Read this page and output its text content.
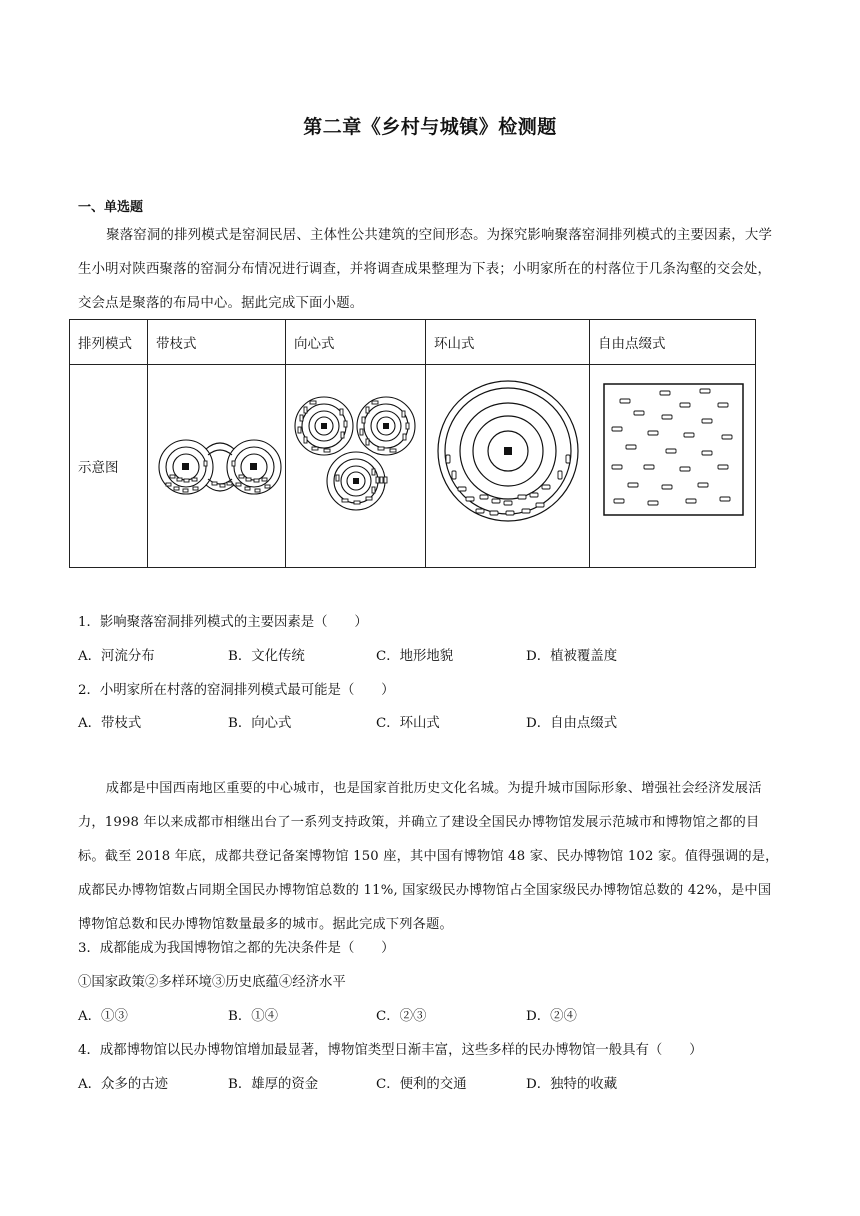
第二章《乡村与城镇》检测题
一、单选题
聚落窑洞的排列模式是窑洞民居、主体性公共建筑的空间形态。为探究影响聚落窑洞排列模式的主要因素，大学生小明对陕西聚落的窑洞分布情况进行调查，并将调查成果整理为下表；小明家所在的村落位于几条沟壑的交会处，交会点是聚落的布局中心。据此完成下面小题。
排列模式	带枝式	向心式	环山式	自由点缀式
示意图	

1．影响聚落窑洞排列模式的主要因素是（　　）
A．河流分布	B．文化传统	C．地形地貌	D．植被覆盖度
2．小明家所在村落的窑洞排列模式最可能是（　　）
A．带枝式	B．向心式	C．环山式	D．自由点缀式
成都是中国西南地区重要的中心城市，也是国家首批历史文化名城。为提升城市国际形象、增强社会经济发展活力，1998 年以来成都市相继出台了一系列支持政策，并确立了建设全国民办博物馆发展示范城市和博物馆之都的目标。截至 2018 年底，成都共登记备案博物馆 150 座，其中国有博物馆 48 家、民办博物馆 102 家。值得强调的是，成都民办博物馆数占同期全国民办博物馆总数的 11%, 国家级民办博物馆占全国家级民办博物馆总数的 42%，是中国博物馆总数和民办博物馆数量最多的城市。据此完成下列各题。
3．成都能成为我国博物馆之都的先决条件是（　　）
①国家政策②多样环境③历史底蕴④经济水平
A．①③	B．①④	C．②③	D．②④
4．成都博物馆以民办博物馆增加最显著，博物馆类型日渐丰富，这些多样的民办博物馆一般具有（　　）
A．众多的古迹	B．雄厚的资金	C．便利的交通	D．独特的收藏
